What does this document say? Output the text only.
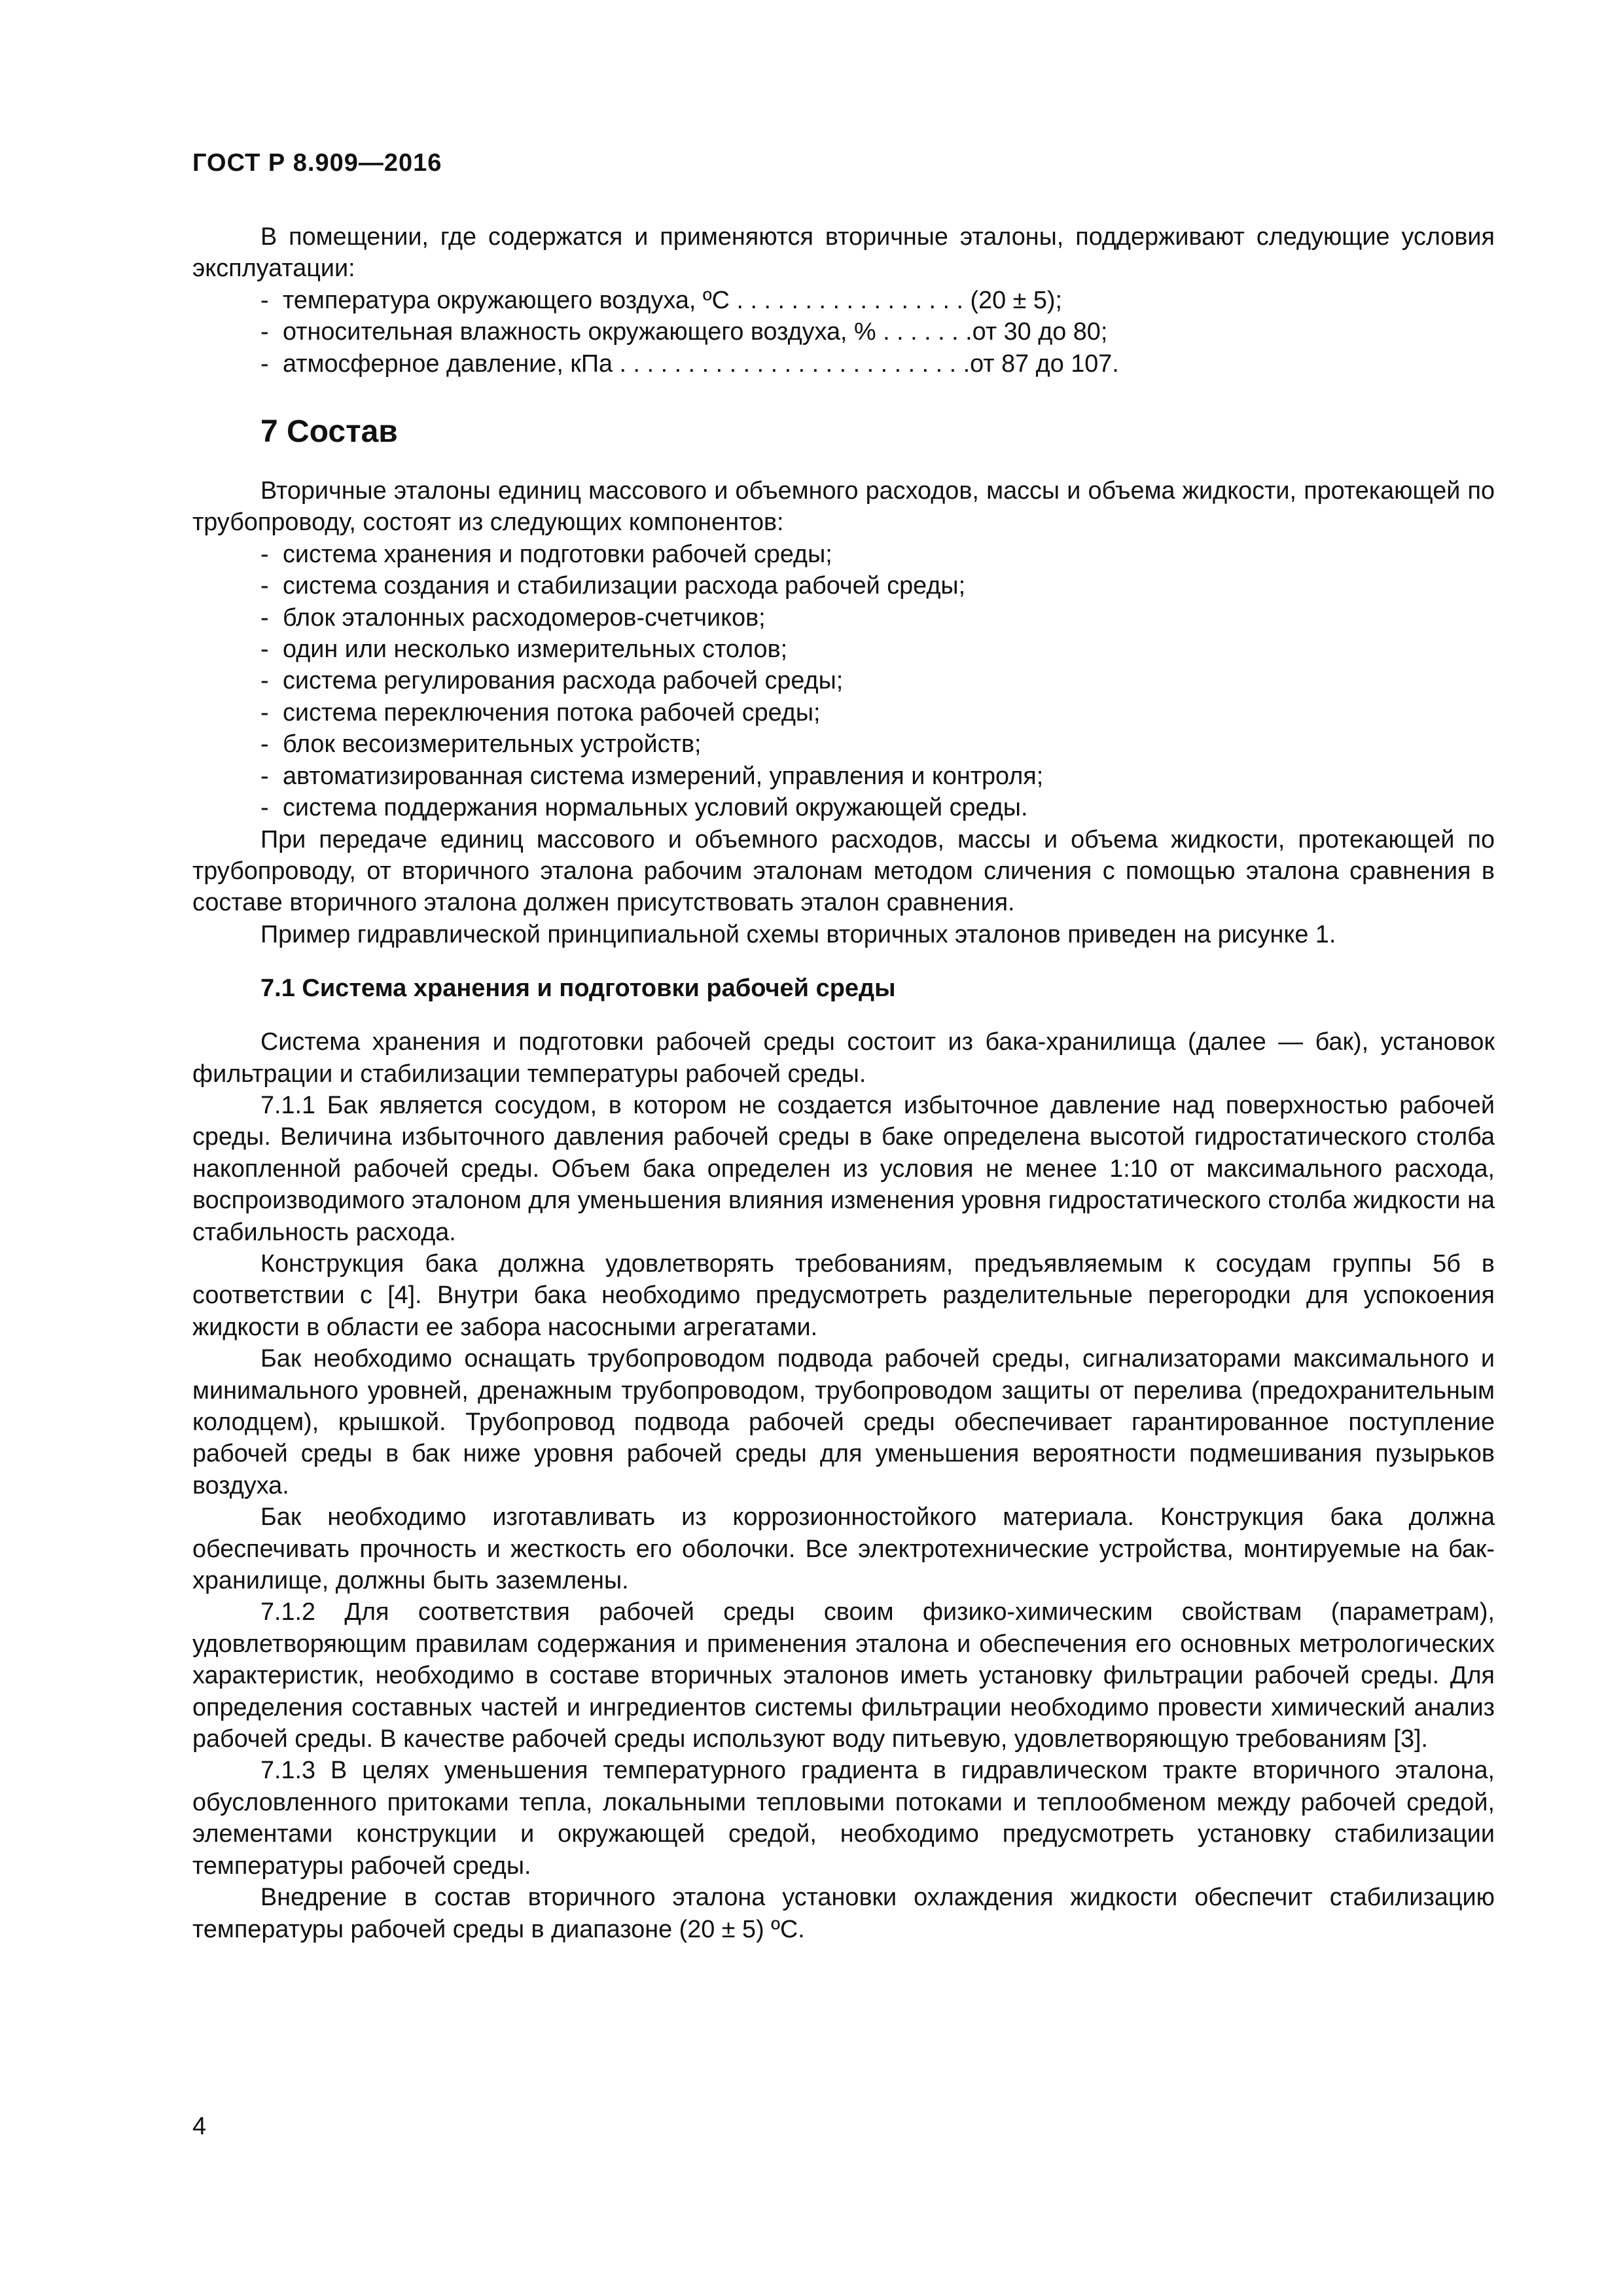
ГОСТ Р 8.909—2016

В помещении, где содержатся и применяются вторичные эталоны, поддерживают следующие условия эксплуатации:

- температура окружающего воздуха, ºС . . . . . . . . . . . . . . . . . (20 ± 5);
- относительная влажность окружающего воздуха, % . . . . . . .от 30 до 80;
- атмосферное давление, кПа . . . . . . . . . . . . . . . . . . . . . . . . . .от 87 до 107.
7 Состав

Вторичные эталоны единиц массового и объемного расходов, массы и объема жидкости, протекающей по трубопроводу, состоят из следующих компонентов:

- система хранения и подготовки рабочей среды;
- система создания и стабилизации расхода рабочей среды;
- блок эталонных расходомеров-счетчиков;
- один или несколько измерительных столов;
- система регулирования расхода рабочей среды;
- система переключения потока рабочей среды;
- блок весоизмерительных устройств;
- автоматизированная система измерений, управления и контроля;
- система поддержания нормальных условий окружающей среды.

При передаче единиц массового и объемного расходов, массы и объема жидкости, протекающей по трубопроводу, от вторичного эталона рабочим эталонам методом сличения с помощью эталона сравнения в составе вторичного эталона должен присутствовать эталон сравнения.

Пример гидравлической принципиальной схемы вторичных эталонов приведен на рисунке 1.

7.1 Система хранения и подготовки рабочей среды

Система хранения и подготовки рабочей среды состоит из бака-хранилища (далее — бак), установок фильтрации и стабилизации температуры рабочей среды.

7.1.1 Бак является сосудом, в котором не создается избыточное давление над поверхностью рабочей среды. Величина избыточного давления рабочей среды в баке определена высотой гидростатического столба накопленной рабочей среды. Объем бака определен из условия не менее 1:10 от максимального расхода, воспроизводимого эталоном для уменьшения влияния изменения уровня гидростатического столба жидкости на стабильность расхода.

Конструкция бака должна удовлетворять требованиям, предъявляемым к сосудам группы 5б в соответствии с [4]. Внутри бака необходимо предусмотреть разделительные перегородки для успокоения жидкости в области ее забора насосными агрегатами.

Бак необходимо оснащать трубопроводом подвода рабочей среды, сигнализаторами максимального и минимального уровней, дренажным трубопроводом, трубопроводом защиты от перелива (предохранительным колодцем), крышкой. Трубопровод подвода рабочей среды обеспечивает гарантированное поступление рабочей среды в бак ниже уровня рабочей среды для уменьшения вероятности подмешивания пузырьков воздуха.

Бак необходимо изготавливать из коррозионностойкого материала. Конструкция бака должна обеспечивать прочность и жесткость его оболочки. Все электротехнические устройства, монтируемые на бак-хранилище, должны быть заземлены.

7.1.2 Для соответствия рабочей среды своим физико-химическим свойствам (параметрам), удовлетворяющим правилам содержания и применения эталона и обеспечения его основных метрологических характеристик, необходимо в составе вторичных эталонов иметь установку фильтрации рабочей среды. Для определения составных частей и ингредиентов системы фильтрации необходимо провести химический анализ рабочей среды. В качестве рабочей среды используют воду питьевую, удовлетворяющую требованиям [3].

7.1.3 В целях уменьшения температурного градиента в гидравлическом тракте вторичного эталона, обусловленного притоками тепла, локальными тепловыми потоками и теплообменом между рабочей средой, элементами конструкции и окружающей средой, необходимо предусмотреть установку стабилизации температуры рабочей среды.

Внедрение в состав вторичного эталона установки охлаждения жидкости обеспечит стабилизацию температуры рабочей среды в диапазоне (20 ± 5) ºС.

4
